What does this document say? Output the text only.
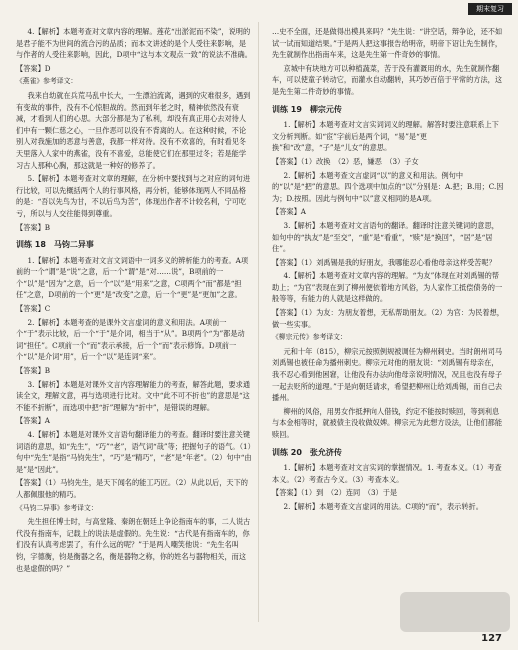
期末复习

4.【解析】本题考查对文章内容的理解。莲花“出淤泥而不染”，说明的是君子能不为世间的流合污的品质；而本文讲述的是个人受往来影响，是与作者的人受往来影响，因此，D项中“这与本文观点一致”的说法不准确。

【答案】D

《燕雀》参考译文：

我来自幼就在兵荒马乱中长大，一生漂泊流离，遇到的灾难很多，遇到有变故的事件，没有不心惊胆战的。然而到年老之时，精神依然没有衰减，才看到人们的心思。大部分都是为了私利，却没有真正用心去对待人们中有一颗仁慈之心，一旦作恶可以没有不背离的人。在这种时候，不论别人对我施加的恶意与善意，我都一样对待。没有不欢喜的，有时看见冬天里落入人家中的燕雀，没有不喜爱，总能使它们在那里过冬；若是能学习古人那种心胸，那这就是一种好的修养了。

5.【解析】本题考查对文章的理解，在分析中要找到与之对应的词句进行比较，可以先概括两个人的行事风格，再分析，能够体现两人不同品格的是：“吾以先鸟为甘，不以后鸟为苦”，体现出作者不计较名利，宁可吃亏，所以与人交往能得到尊重。

【答案】B

训练 18　马钧二异事

1.【解析】本题考查对文言文词语中一词多义的辨析能力的考查。A项前的一个“谓”是“说”之意，后一个“谓”是“对……说”，B项前的一个“以”是“因为”之意，后一个“以”是“用来”之意，C项两个“而”都是“担任”之意，D项前的一个“更”是“改变”之意，后一个“更”是“更加”之意。

【答案】C

2.【解析】本题考查的是课外文言虚词的意义和用法。A项前一个“于”表示比较，后一个“于”是介词，相当于“从”。B项两个“为”都是动词“担任”。C项前一个“而”表示承接，后一个“而”表示修饰。D项前一个“以”是介词“用”，后一个“以”是连词“来”。

【答案】B

3.【解析】本题是对课外文言内容理解能力的考查，解答此题，要求通读全文，理解文意，再与选项进行比对。文中“此不可不折也”的意思是“这不能不折断”，而选项中把“折”理解为“折中”，是错误的理解。

【答案】A

4.【解析】本题是对课外文言语句翻译能力的考查。翻译时要注意关键词语的意思，如“先生”，“巧”“老”，语气词“哉”等；把握句子的语气。（1）句中“先生”是指“马钧先生”，“巧”是“精巧”，“老”是“年老”。（2）句中“由是”是“因此”。

【答案】（1）马钧先生，是天下闻名的能工巧匠。（2）从此以后，天下的人都佩服他的精巧。

《马钧二异事》参考译文：

先生担任博士时，与高堂隆、秦朗在朝廷上争论指南车的事，二人说古代没有指南车，记载上的说法是虚假的。先生说：“古代是有指南车的，你们没有认真考虑罢了，有什么远的呢？”于是两人嘲笑他说：“先生名叫钧，字德衡，钧是衡器之名，衡是器物之称，你的姓名与器物相关，而这也是虚假的吗？”

…史不全面，还是做得出模具来吗？”先生说：“讲空话，辩争论，还不如试一试而知道结果。”于是两人把这事报告给明帝，明帝下诏让先生制作，先生就制作出指南车来，这是先生第一件奇妙的事情。

京城中有块地方可以种植蔬菜，苦于没有灌溉用的水，先生就制作翻车，可以使童子转动它，而灌水自动翻转，其巧妙百倍于平常的方法，这是先生第二件奇妙的事情。

训练 19　柳宗元传

1.【解析】本题考查对文言实词词义的理解。解答时要注意联系上下文分析判断。如“宦”字前后是两个词，“易”是“更换”和“改”意，“子”是“儿女”的意思。

【答案】（1）改换　（2）恶，嫌恶　（3）子女

2.【解析】本题考查文言虚词“以”的意义和用法。例句中的“以”是“把”的意思。四个选项中加点的“以”分别是：A.把；B.用；C.因为；D.按照。因此与例句中“以”意义相同的是A项。

【答案】A

3.【解析】本题考查对文言语句的翻译。翻译时注意关键词的意思，如句中的“执友”是“至交”，“重”是“看重”，“赎”是“换回”，“居”是“居住”。

【答案】（1）刘禹锡是我的好朋友，我哪能忍心看他母亲这样受苦呢？

4.【解析】本题考查对文章内容的理解。“为友”体现在对刘禹锡的帮助上；“为官”表现在到了柳州便依着地方风俗，为人家作工抵偿债务的一般等等，有能力的人就是这样做的。

【答案】（1）为友：为朋友着想，无私帮助朋友。（2）为官：为民着想，做一些实事。

《柳宗元传》参考译文：

元和十年（815），柳宗元按照例规被调任为柳州刺史。当时朗州司马刘禹锡也被任命为播州刺史。柳宗元对他的朋友说：“刘禹锡有母亲在，我不忍心看到他困窘，让他没有办法向他母亲说明情况，况且也没有母子一起去贬所的道理。”于是向朝廷请求，希望把柳州让给刘禹锡，而自己去播州。

柳州的风俗，用男女作抵押向人借钱，约定不能按时赎回，等到利息与本金相等时，就被债主没收做奴婢。柳宗元为此想方设法，让他们都能赎回。

训练 20　张允济传

1.【解析】本题考查对文言实词的掌握情况。1. 考查本义。（1）考查本义。（2）考查古今义。（3）考查本义。

【答案】（1）到　（2）连同　（3）于是

2.【解析】本题考查文言虚词的用法。C项的“而”，表示转折。

127
